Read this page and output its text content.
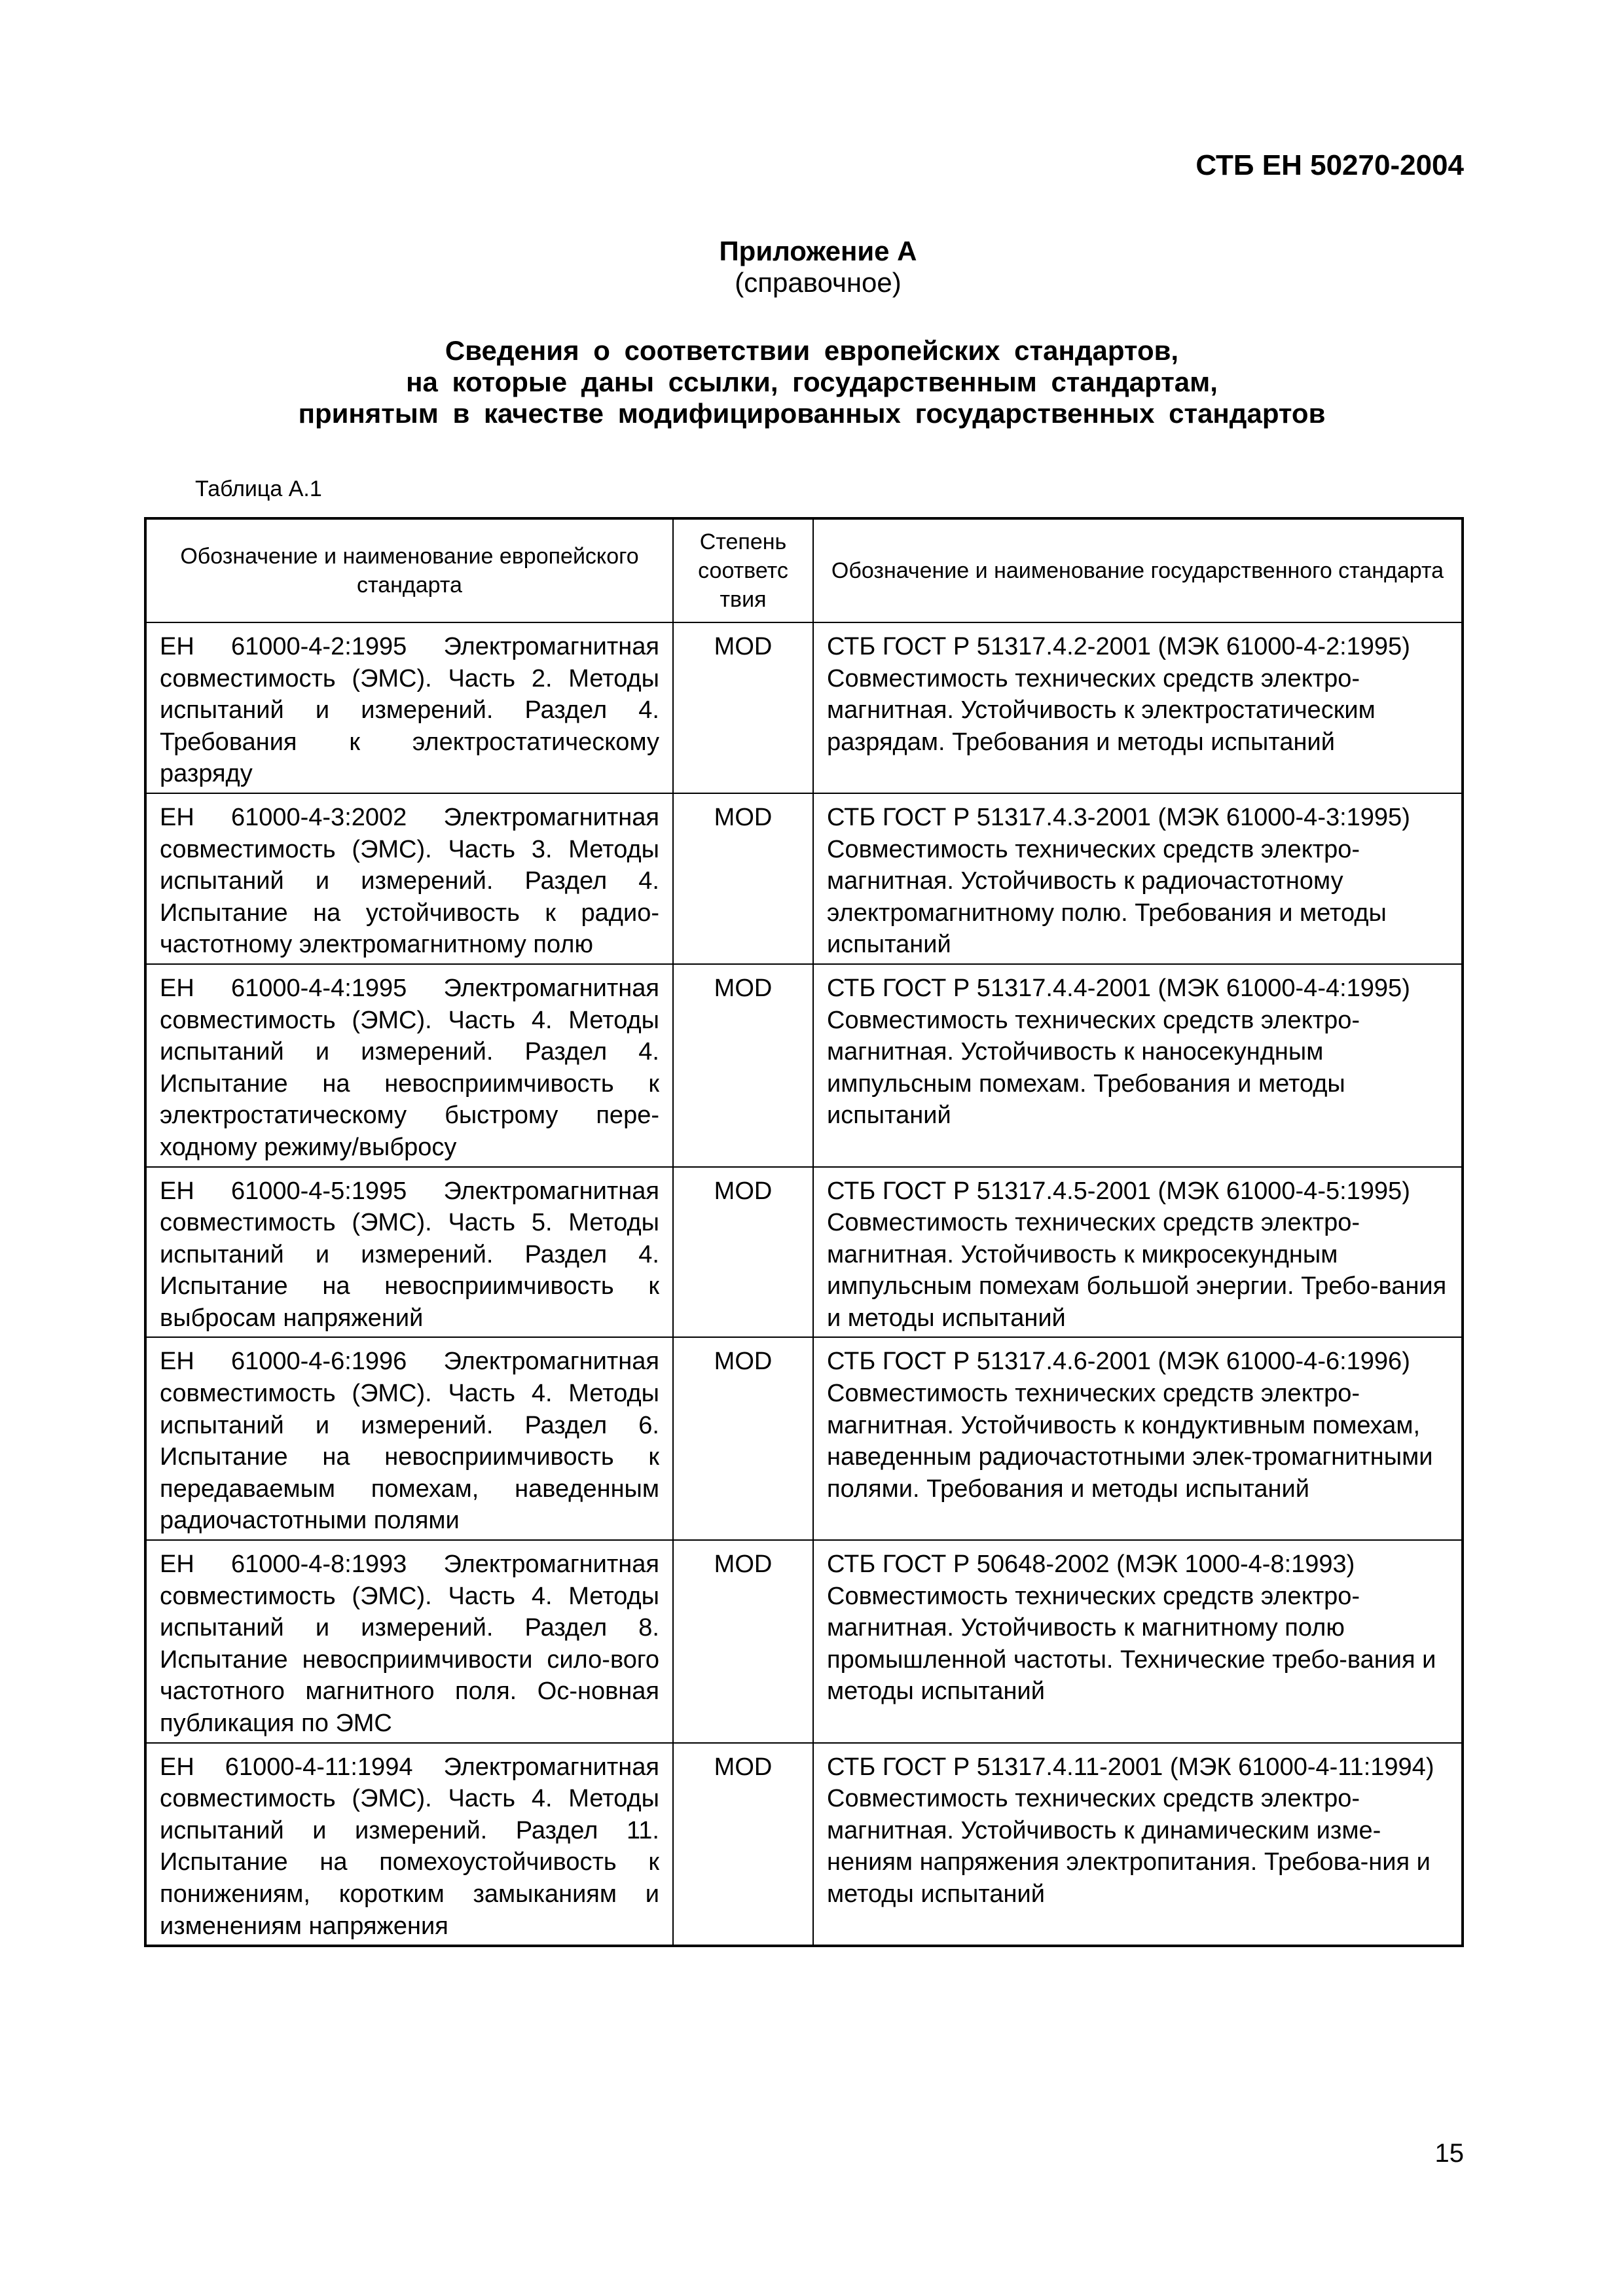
СТБ ЕН 50270-2004
Приложение А
(справочное)
Сведения о соответствии европейских стандартов,
на которые даны ссылки, государственным стандартам,
принятым в качестве модифицированных государственных стандартов
Таблица А.1
Обозначение и наименование европейского стандарта	Степень соответс твия	Обозначение и наименование государственного стандарта
ЕН 61000-4-2:1995 Электромагнитная совместимость (ЭМС). Часть 2. Методы испытаний и измерений. Раздел 4. Требования к электростатическому разряду	MOD	СТБ ГОСТ Р 51317.4.2-2001 (МЭК 61000-4-2:1995) Совместимость технических средств электро-магнитная. Устойчивость к электростатическим разрядам. Требования и методы испытаний
ЕН 61000-4-3:2002 Электромагнитная совместимость (ЭМС). Часть 3. Методы испытаний и измерений. Раздел 4. Испытание на устойчивость к радио-частотному электромагнитному полю	MOD	СТБ ГОСТ Р 51317.4.3-2001 (МЭК 61000-4-3:1995) Совместимость технических средств электро-магнитная. Устойчивость к радиочастотному электромагнитному полю. Требования и методы испытаний
ЕН 61000-4-4:1995 Электромагнитная совместимость (ЭМС). Часть 4. Методы испытаний и измерений. Раздел 4. Испытание на невосприимчивость к электростатическому быстрому пере-ходному режиму/выбросу	MOD	СТБ ГОСТ Р 51317.4.4-2001 (МЭК 61000-4-4:1995) Совместимость технических средств электро-магнитная. Устойчивость к наносекундным импульсным помехам. Требования и методы испытаний
ЕН 61000-4-5:1995 Электромагнитная совместимость (ЭМС). Часть 5. Методы испытаний и измерений. Раздел 4. Испытание на невосприимчивость к выбросам напряжений	MOD	СТБ ГОСТ Р 51317.4.5-2001 (МЭК 61000-4-5:1995) Совместимость технических средств электро-магнитная. Устойчивость к микросекундным импульсным помехам большой энергии. Требо-вания и методы испытаний
ЕН 61000-4-6:1996 Электромагнитная совместимость (ЭМС). Часть 4. Методы испытаний и измерений. Раздел 6. Испытание на невосприимчивость к передаваемым помехам, наведенным радиочастотными полями	MOD	СТБ ГОСТ Р 51317.4.6-2001 (МЭК 61000-4-6:1996) Совместимость технических средств электро-магнитная. Устойчивость к кондуктивным помехам, наведенным радиочастотными элек-тромагнитными полями. Требования и методы испытаний
ЕН 61000-4-8:1993 Электромагнитная совместимость (ЭМС). Часть 4. Методы испытаний и измерений. Раздел 8. Испытание невосприимчивости сило-вого частотного магнитного поля. Ос-новная публикация по ЭМС	MOD	СТБ ГОСТ Р 50648-2002 (МЭК 1000-4-8:1993) Совместимость технических средств электро-магнитная. Устойчивость к магнитному полю промышленной частоты. Технические требо-вания и методы испытаний
ЕН 61000-4-11:1994 Электромагнитная совместимость (ЭМС). Часть 4. Методы испытаний и измерений. Раздел 11. Испытание на помехоустойчивость к понижениям, коротким замыканиям и изменениям напряжения	MOD	СТБ ГОСТ Р 51317.4.11-2001 (МЭК 61000-4-11:1994) Совместимость технических средств электро-магнитная. Устойчивость к динамическим изме-нениям напряжения электропитания. Требова-ния и методы испытаний
15
